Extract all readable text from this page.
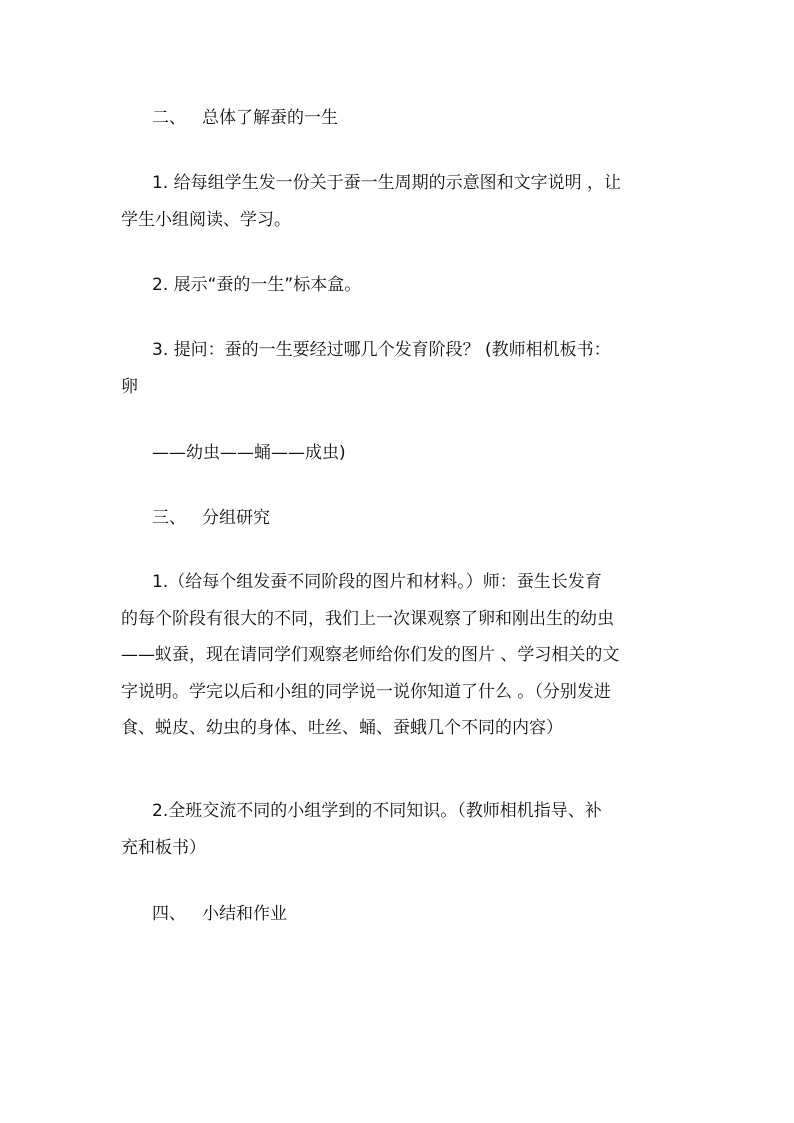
二、 总体了解蚕的一生

1. 给每组学生发一份关于蚕一生周期的示意图和文字说明 ，让

学生小组阅读、学习。

2. 展示“蚕的一生”标本盒。

3. 提问：蚕的一生要经过哪几个发育阶段？ (教师相机板书：

卵

——幼虫——蛹——成虫)

三、 分组研究

1.（给每个组发蚕不同阶段的图片和材料。）师：蚕生长发育

的每个阶段有很大的不同，我们上一次课观察了卵和刚出生的幼虫

——蚁蚕，现在请同学们观察老师给你们发的图片 、学习相关的文

字说明。学完以后和小组的同学说一说你知道了什么 。（分别发进

食、蜕皮、幼虫的身体、吐丝、蛹、蚕蛾几个不同的内容）

2.全班交流不同的小组学到的不同知识。（教师相机指导、补

充和板书）

四、 小结和作业
